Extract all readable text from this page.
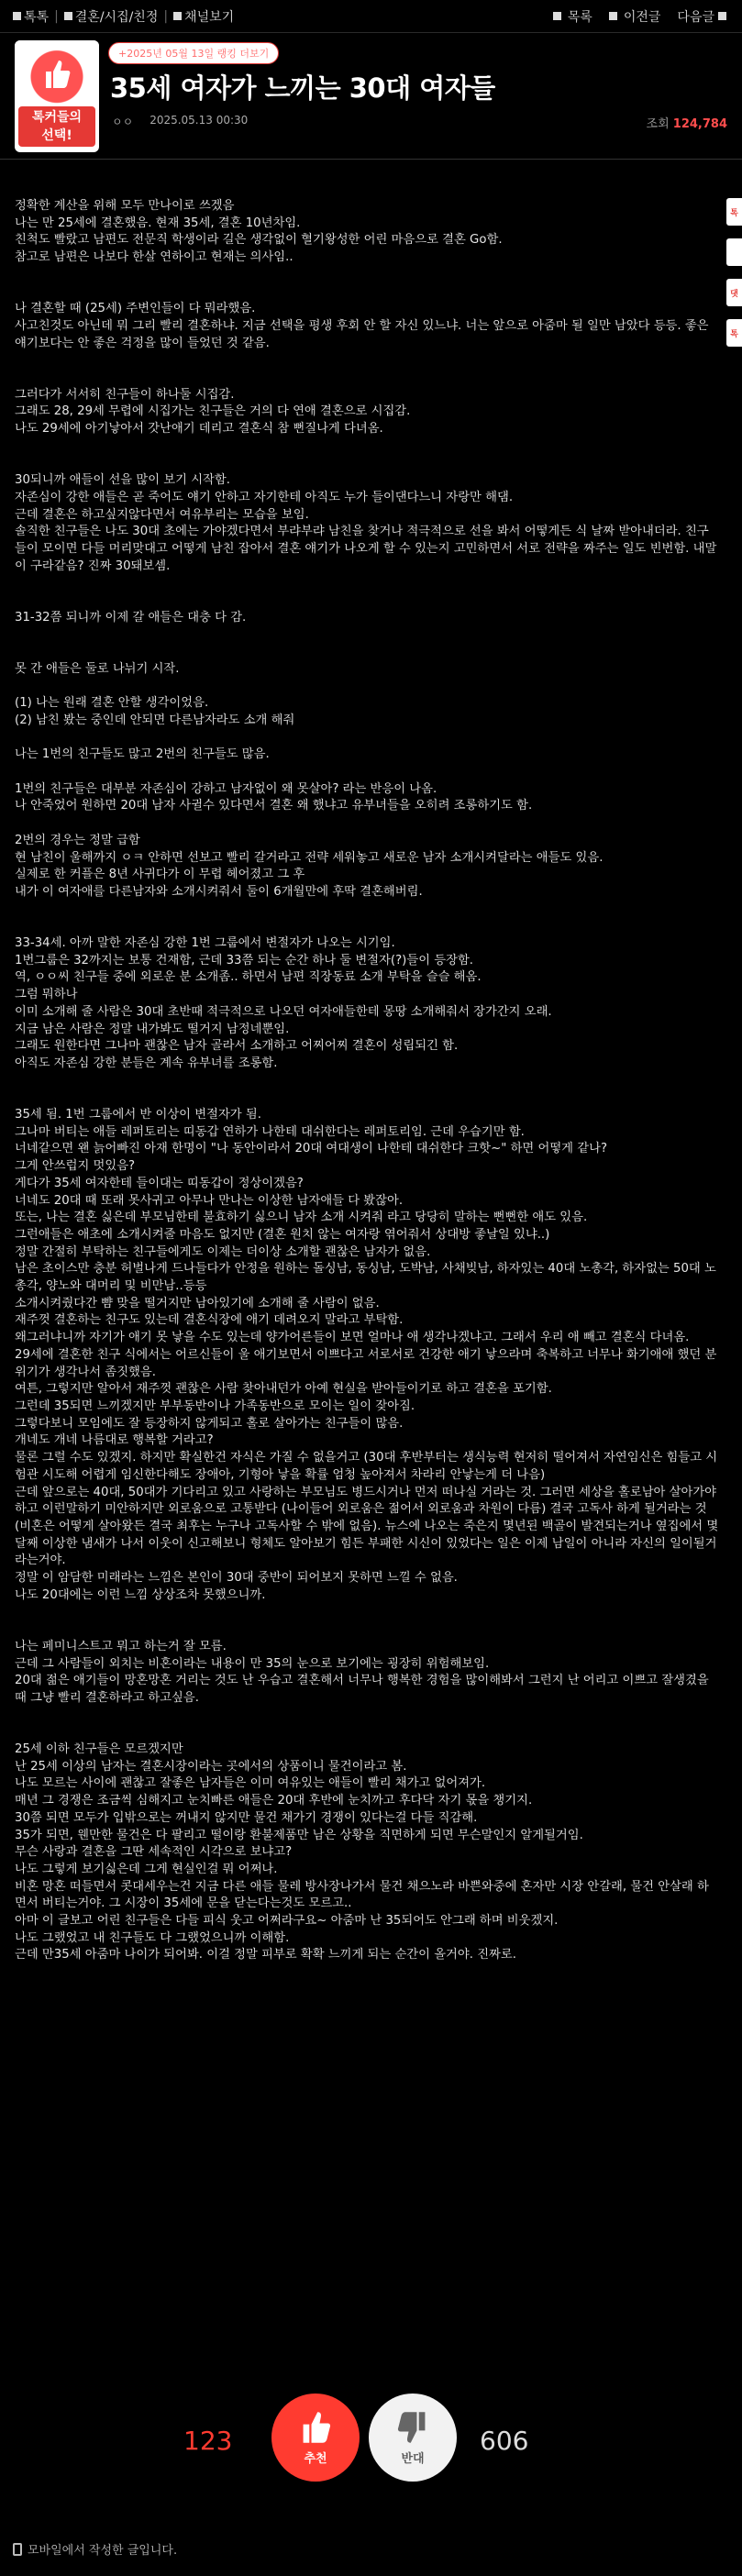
톡톡 | 결혼/시집/친정 | 채널보기	목록 이전글 다음글
톡커들의
선택!
+2025년 05월 13일 랭킹 더보기
35세 여자가 느끼는 30대 여자들
ㅇㅇ 2025.05.13 00:30	조회 124,784
톡
댓
톡

정확한 계산을 위해 모두 만나이로 쓰겠음
나는 만 25세에 결혼했음. 현재 35세, 결혼 10년차임.
친척도 빨랐고 남편도 전문직 학생이라 길은 생각없이 혈기왕성한 어린 마음으로 결혼 Go함.
참고로 남편은 나보다 한살 연하이고 현재는 의사임..

나 결혼할 때 (25세) 주변인들이 다 뭐라했음.
사고친것도 아닌데 뭐 그리 빨리 결혼하냐. 지금 선택을 평생 후회 안 할 자신 있느냐. 너는 앞으로 아줌마 될 일만 남았다 등등. 좋은 얘기보다는 안 좋은 걱정을 많이 들었던 것 같음.

그러다가 서서히 친구들이 하나둘 시집감.
그래도 28, 29세 무렵에 시집가는 친구들은 거의 다 연애 결혼으로 시집감.
나도 29세에 아기낳아서 갓난애기 데리고 결혼식 참 뻔질나게 다녀옴.

30되니까 애들이 선을 많이 보기 시작함.
자존심이 강한 애들은 곧 죽어도 얘기 안하고 자기한테 아직도 누가 들이댄다느니 자랑만 해댐.
근데 결혼은 하고싶지않다면서 여유부리는 모습을 보임.
솔직한 친구들은 나도 30대 초에는 가야겠다면서 부랴부랴 남친을 찾거나 적극적으로 선을 봐서 어떻게든 식 날짜 받아내더라. 친구들이 모이면 다들 머리맞대고 어떻게 남친 잡아서 결혼 얘기가 나오게 할 수 있는지 고민하면서 서로 전략을 짜주는 일도 빈번함. 내말이 구라같음? 진짜 30돼보셈.

31-32쯤 되니까 이제 갈 애들은 대충 다 감.

못 간 애들은 둘로 나뉘기 시작.

(1) 나는 원래 결혼 안할 생각이었음.
(2) 남친 봤는 중인데 안되면 다른남자라도 소개 해줘

나는 1번의 친구들도 많고 2번의 친구들도 많음.

1번의 친구들은 대부분 자존심이 강하고 남자없이 왜 못살아? 라는 반응이 나옴.
나 안죽었어 원하면 20대 남자 사귈수 있다면서 결혼 왜 했냐고 유부녀들을 오히려 조롱하기도 함.

2번의 경우는 정말 급함
현 남친이 울해까지 ㅇㅋ 안하면 선보고 빨리 갈거라고 전략 세워놓고 새로운 남자 소개시켜달라는 애들도 있음.
실제로 한 커플은 8년 사귀다가 이 무렵 헤어졌고 그 후
내가 이 여자애를 다른남자와 소개시켜줘서 둘이 6개월만에 후딱 결혼해버림.

33-34세. 아까 말한 자존심 강한 1번 그룹에서 변절자가 나오는 시기임.
1번그룹은 32까지는 보통 건재함, 근데 33쯤 되는 순간 하나 둘 변절자(?)들이 등장함.
역, ㅇㅇ씨 친구들 중에 외로운 분 소개좀.. 하면서 남편 직장동료 소개 부탁을 슬슬 해옴.
그럼 뭐하나
이미 소개해 줄 사람은 30대 초반때 적극적으로 나오던 여자애들한테 몽땅 소개해줘서 장가간지 오래.
지금 남은 사람은 정말 내가봐도 떨거지 남정네뿐임.
그래도 원한다면 그나마 괜찮은 남자 골라서 소개하고 어찌어찌 결혼이 성립되긴 함.
아직도 자존심 강한 분들은 계속 유부녀를 조롱함.

35세 됨. 1번 그룹에서 반 이상이 변절자가 됨.
그나마 버티는 애들 레퍼토리는 띠동갑 연하가 나한테 대쉬한다는 레퍼토리임. 근데 우습기만 함.
너네같으면 왠 늙어빠진 아재 한명이 "나 동안이라서 20대 여대생이 나한테 대쉬한다 크핫~" 하면 어떻게 같나?
그게 안쓰럽지 멋있음?
게다가 35세 여자한테 들이대는 띠동갑이 정상이겠음?
너네도 20대 때 또래 못사귀고 아무나 만나는 이상한 남자애들 다 봤잖아.
또는, 나는 결혼 싫은데 부모님한테 불효하기 싫으니 남자 소개 시켜줘 라고 당당히 말하는 뻔뻔한 애도 있음.
그런애들은 애초에 소개시켜줄 마음도 없지만 (결혼 원치 않는 여자랑 엮어줘서 상대방 좋날일 있냐..)
정말 간절히 부탁하는 친구들에게도 이제는 더이상 소개할 괜찮은 남자가 없음.
남은 초이스만 충분 허벌나게 드나들다가 안정을 원하는 돌싱남, 동싱남, 도박남, 사채빚남, 하자있는 40대 노총각, 하자없는 50대 노총각, 양노와 대머리 및 비만남..등등
소개시켜줬다간 뺨 맞을 떨거지만 남아있기에 소개해 줄 사람이 없음.
재주껏 결혼하는 친구도 있는데 결혼식장에 애기 데려오지 말라고 부탁함.
왜그러냐니까 자기가 애기 못 낳을 수도 있는데 양가어른들이 보면 얼마나 애 생각나겠냐고. 그래서 우리 애 빼고 결혼식 다녀옴.
29세에 결혼한 친구 식에서는 어르신들이 울 애기보면서 이쁘다고 서로서로 건강한 애기 낳으라며 축복하고 너무나 화기애애 했던 분위기가 생각나서 좀짓했음.
여튼, 그렇지만 알아서 재주껏 괜찮은 사람 찾아내던가 아예 현실을 받아들이기로 하고 결혼을 포기함.
그런데 35되면 느끼겠지만 부부동반이나 가족동반으로 모이는 일이 잦아짐.
그렇다보니 모임에도 잘 등장하지 않게되고 홀로 살아가는 친구들이 많음.
개네도 개네 나름대로 행복할 거라고?
물론 그럴 수도 있겠지. 하지만 확실한건 자식은 가질 수 없을거고 (30대 후반부터는 생식능력 현저히 떨어져서 자연임신은 힘들고 시험관 시도해 어렵게 임신한다해도 장애아, 기형아 낳을 확률 엄청 높아져서 차라리 안낳는게 더 나음)
근데 앞으로는 40대, 50대가 기다리고 있고 사랑하는 부모님도 병드시거나 먼저 떠나실 거라는 것. 그러면 세상을 홀로남아 살아가야 하고 이런말하기 미안하지만 외로움으로 고통받다 (나이들어 외로움은 젊어서 외로움과 차원이 다름) 결국 고독사 하게 될거라는 것 (비혼은 어떻게 살아왔든 결국 최후는 누구나 고독사할 수 밖에 없음). 뉴스에 나오는 죽은지 몇년된 백골이 발견되는거나 옆집에서 몇달째 이상한 냄새가 나서 이웃이 신고해보니 형체도 알아보기 힘든 부패한 시신이 있었다는 일은 이제 남일이 아니라 자신의 일이될거라는거야.
정말 이 암담한 미래라는 느낌은 본인이 30대 중반이 되어보지 못하면 느낄 수 없음.
나도 20대에는 이런 느낌 상상조차 못했으니까.

나는 페미니스트고 뭐고 하는거 잘 모름.
근데 그 사람들이 외치는 비혼이라는 내용이 만 35의 눈으로 보기에는 굉장히 위험해보임.
20대 젊은 애기들이 망혼망혼 거리는 것도 난 우습고 결혼해서 너무나 행복한 경험을 많이해봐서 그런지 난 어리고 이쁘고 잘생겼을때 그냥 빨리 결혼하라고 하고싶음.

25세 이하 친구들은 모르겠지만
난 25세 이상의 남자는 결혼시장이라는 곳에서의 상품이니 물건이라고 봄.
나도 모르는 사이에 괜찮고 잘좋은 남자들은 이미 여유있는 애들이 빨리 채가고 없어져가.
매년 그 경쟁은 조금씩 심해지고 눈치빠른 애들은 20대 후반에 눈치까고 후다닥 자기 몫을 챙기지.
30쯤 되면 모두가 입밖으로는 꺼내지 않지만 물건 채가기 경쟁이 있다는걸 다들 직감해.
35가 되면, 웬만한 물건은 다 팔리고 떨이랑 환불제품만 남은 상황을 직면하게 되면 무슨말인지 알게될거임.
무슨 사랑과 결혼을 그딴 세속적인 시각으로 보냐고?
나도 그렇게 보기싫은데 그게 현실인걸 뭐 어쩌나.
비혼 망혼 떠들면서 콧대세우는건 지금 다른 애들 물레 방사장나가서 물건 채으노라 바쁜와중에 혼자만 시장 안갈래, 물건 안살래 하면서 버티는거야. 그 시장이 35세에 문을 닫는다는것도 모르고..
아마 이 글보고 어린 친구들은 다들 피식 웃고 어쩌라구요~ 아줌마 난 35되어도 안그래 하며 비웃겠지.
나도 그랬었고 내 친구들도 다 그랬었으니까 이해함.
근데 만35세 아줌마 나이가 되어봐. 이걸 정말 피부로 확확 느끼게 되는 순간이 올거야. 진짜로.

123
추천	반대
606
모바일에서 작성한 글입니다.
